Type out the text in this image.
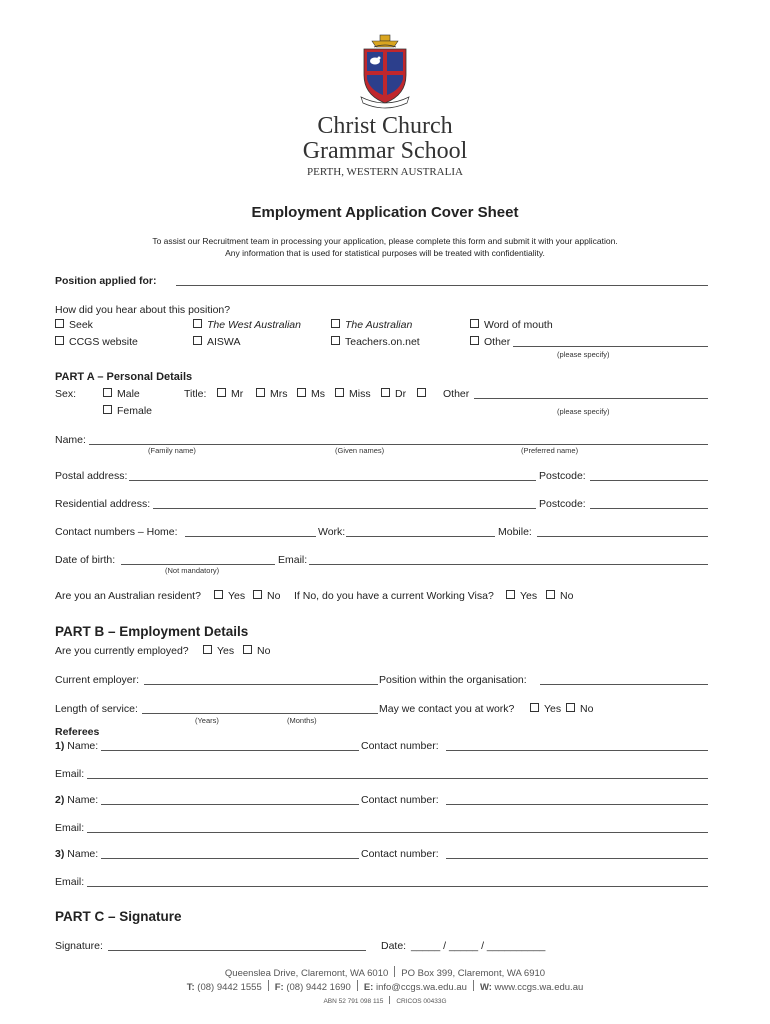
Christ Church
Grammar School
PERTH, WESTERN AUSTRALIA
Employment Application Cover Sheet
To assist our Recruitment team in processing your application, please complete this form and submit it with your application.
Any information that is used for statistical purposes will be treated with confidentiality.
Position applied for:
How did you hear about this position?
Seek	The West Australian	The Australian	Word of mouth
CCGS website	AISWA	Teachers.on.net	Other
(please specify)
PART A – Personal Details
Sex:	Male
Female
Title:	Mr	Mrs	Ms	Miss	Dr	Other
(please specify)
Name:
(Family name)	(Given names)	(Preferred name)
Postal address:	Postcode:
Residential address:	Postcode:
Contact numbers – Home:	Work:	Mobile:
Date of birth:	Email:
(Not mandatory)
Are you an Australian resident?	Yes	No If No, do you have a current Working Visa?	Yes	No
PART B – Employment Details
Are you currently employed?	Yes	No
Current employer:	Position within the organisation:
Length of service:
(Years)	(Months)
May we contact you at work?	Yes	No
Referees
1) Name:	Contact number:
Email:
2) Name:	Contact number:
Email:
3) Name:	Contact number:
Email:
PART C – Signature
Signature:	Date: _____ / _____ / __________
Queenslea Drive, Claremont, WA 6010 PO Box 399, Claremont, WA 6910
T: (08) 9442 1555 F: (08) 9442 1690 E: info@ccgs.wa.edu.au W: www.ccgs.wa.edu.au
ABN 52 791 098 115 CRICOS 00433G
